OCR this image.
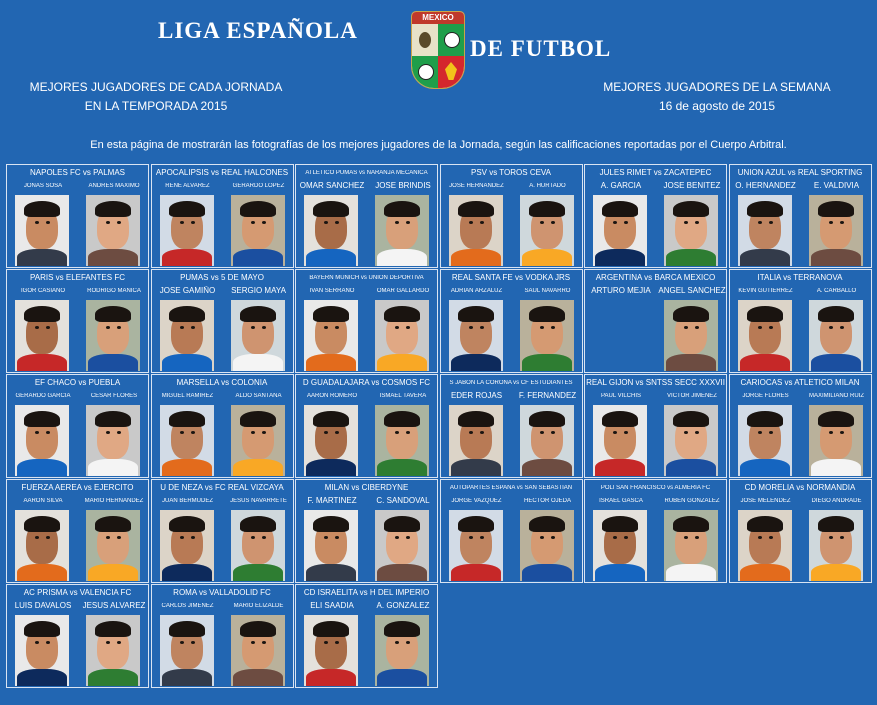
LIGA ESPAÑOLA
MEXICO
DE FUTBOL
MEJORES JUGADORES DE CADA JORNADA
EN LA TEMPORADA 2015
MEJORES JUGADORES DE LA SEMANA
16 de agosto de 2015
En esta página de mostrarán las fotografías de los mejores jugadores de la Jornada, según las calificaciones reportadas por el Cuerpo Arbitral.
NAPOLES FC vs PALMAS
JONAS SOSA	ANDRES MAXIMO
APOCALIPSIS vs REAL HALCONES
RENE ALVAREZ	GERARDO LOPEZ
ATLETICO PUMAS vs NARANJA MECANICA
OMAR SANCHEZ	JOSE BRINDIS
PSV vs TOROS CEVA
JOSE HERNANDEZ	A. HURTADO
JULES RIMET vs ZACATEPEC
A. GARCIA	JOSE BENITEZ
UNION AZUL vs REAL SPORTING
O. HERNANDEZ	E. VALDIVIA
PARIS vs ELEFANTES FC
IGOR CASIANO	RODRIGO MANICA
PUMAS vs 5 DE MAYO
JOSE GAMIÑO	SERGIO MAYA
BAYERN MUNICH vs UNION DEPORTIVA
IVAN SERRANO	OMAR GALLARDO
REAL SANTA FE vs VODKA JRS
ADRIAN ARZALUZ	SAUL NAVARRO
ARGENTINA vs BARCA MEXICO
ARTURO MEJIA ANGEL SANCHEZ
ITALIA vs TERRANOVA
KEVIN GUTIERREZ	A. CARBALLO
EF CHACO vs PUEBLA
GERARDO GARCIA	CESAR FLORES
MARSELLA vs COLONIA
MIGUEL RAMIREZ	ALDO SANTANA
D GUADALAJARA vs COSMOS FC
AARON ROMERO	ISMAEL TAVERA
S JABON LA CORONA vs CF ESTUDIANTES
EDER ROJAS	F. FERNANDEZ
REAL GIJON vs SNTSS SECC XXXVII
PAUL VILCHIS	VICTOR JIMENEZ
CARIOCAS vs ATLETICO MILAN
JORGE FLORES	MAXIMILIANO RUIZ
FUERZA AEREA vs EJERCITO
AARON SILVA	MARIO HERNANDEZ
U DE NEZA vs FC REAL VIZCAYA
JUAN BERMUDEZ	JESUS NAVARRETE
MILAN vs CIBERDYNE
F. MARTINEZ	C. SANDOVAL
AUTOPARTES ESPAÑA vs SAN SEBASTIAN
JORGE VAZQUEZ	HECTOR OJEDA
POLI SAN FRANCISCO vs ALMERIA FC
ISRAEL GASCA	RUBEN GONZALEZ
CD MORELIA vs NORMANDIA
JOSE MELENDEZ	DIEGO ANDRADE
AC PRISMA vs VALENCIA FC
LUIS DAVALOS	JESUS ALVAREZ
ROMA vs VALLADOLID FC
CARLOS JIMENEZ	MARIO ELIZALDE
CD ISRAELITA vs H DEL IMPERIO
ELI SAADIA	A. GONZALEZ
